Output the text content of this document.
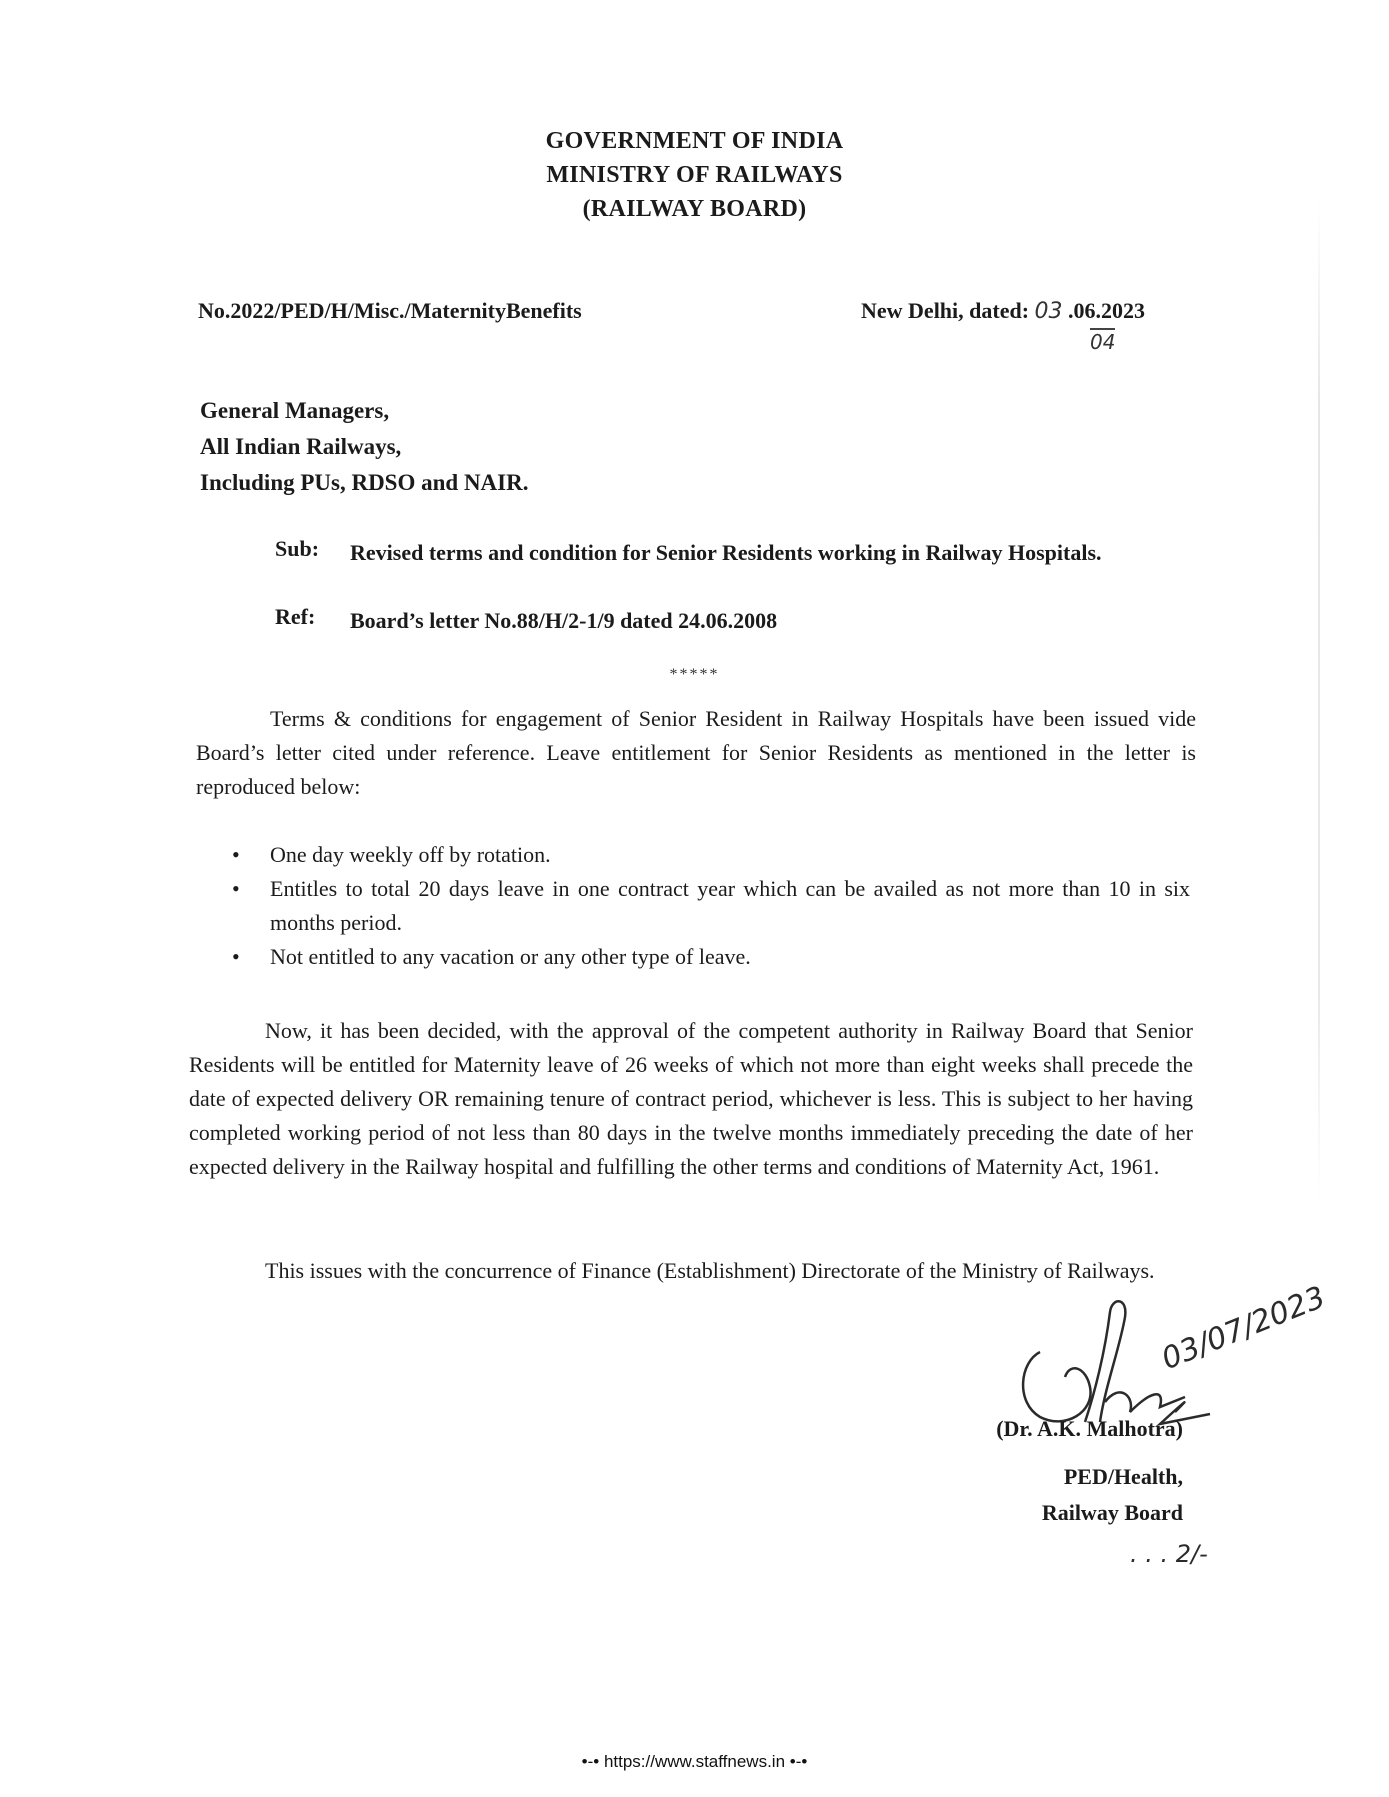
GOVERNMENT OF INDIA
MINISTRY OF RAILWAYS
(RAILWAY BOARD)
No.2022/PED/H/Misc./MaternityBenefits	New Delhi, dated: 03 .06.2023
04
General Managers,
All Indian Railways,
Including PUs, RDSO and NAIR.
Sub: Revised terms and condition for Senior Residents working in Railway Hospitals.
Ref: Board’s letter No.88/H/2-1/9 dated 24.06.2008
*****
Terms & conditions for engagement of Senior Resident in Railway Hospitals have been issued vide Board’s letter cited under reference. Leave entitlement for Senior Residents as mentioned in the letter is reproduced below:
• One day weekly off by rotation.
• Entitles to total 20 days leave in one contract year which can be availed as not more than 10 in six months period.
• Not entitled to any vacation or any other type of leave.
Now, it has been decided, with the approval of the competent authority in Railway Board that Senior Residents will be entitled for Maternity leave of 26 weeks of which not more than eight weeks shall precede the date of expected delivery OR remaining tenure of contract period, whichever is less. This is subject to her having completed working period of not less than 80 days in the twelve months immediately preceding the date of her expected delivery in the Railway hospital and fulfilling the other terms and conditions of Maternity Act, 1961.
This issues with the concurrence of Finance (Establishment) Directorate of the Ministry of Railways.
03/07/2023
(Dr. A.K. Malhotra)
PED/Health,
Railway Board
. . . 2/-
•-• https://www.staffnews.in •-•
